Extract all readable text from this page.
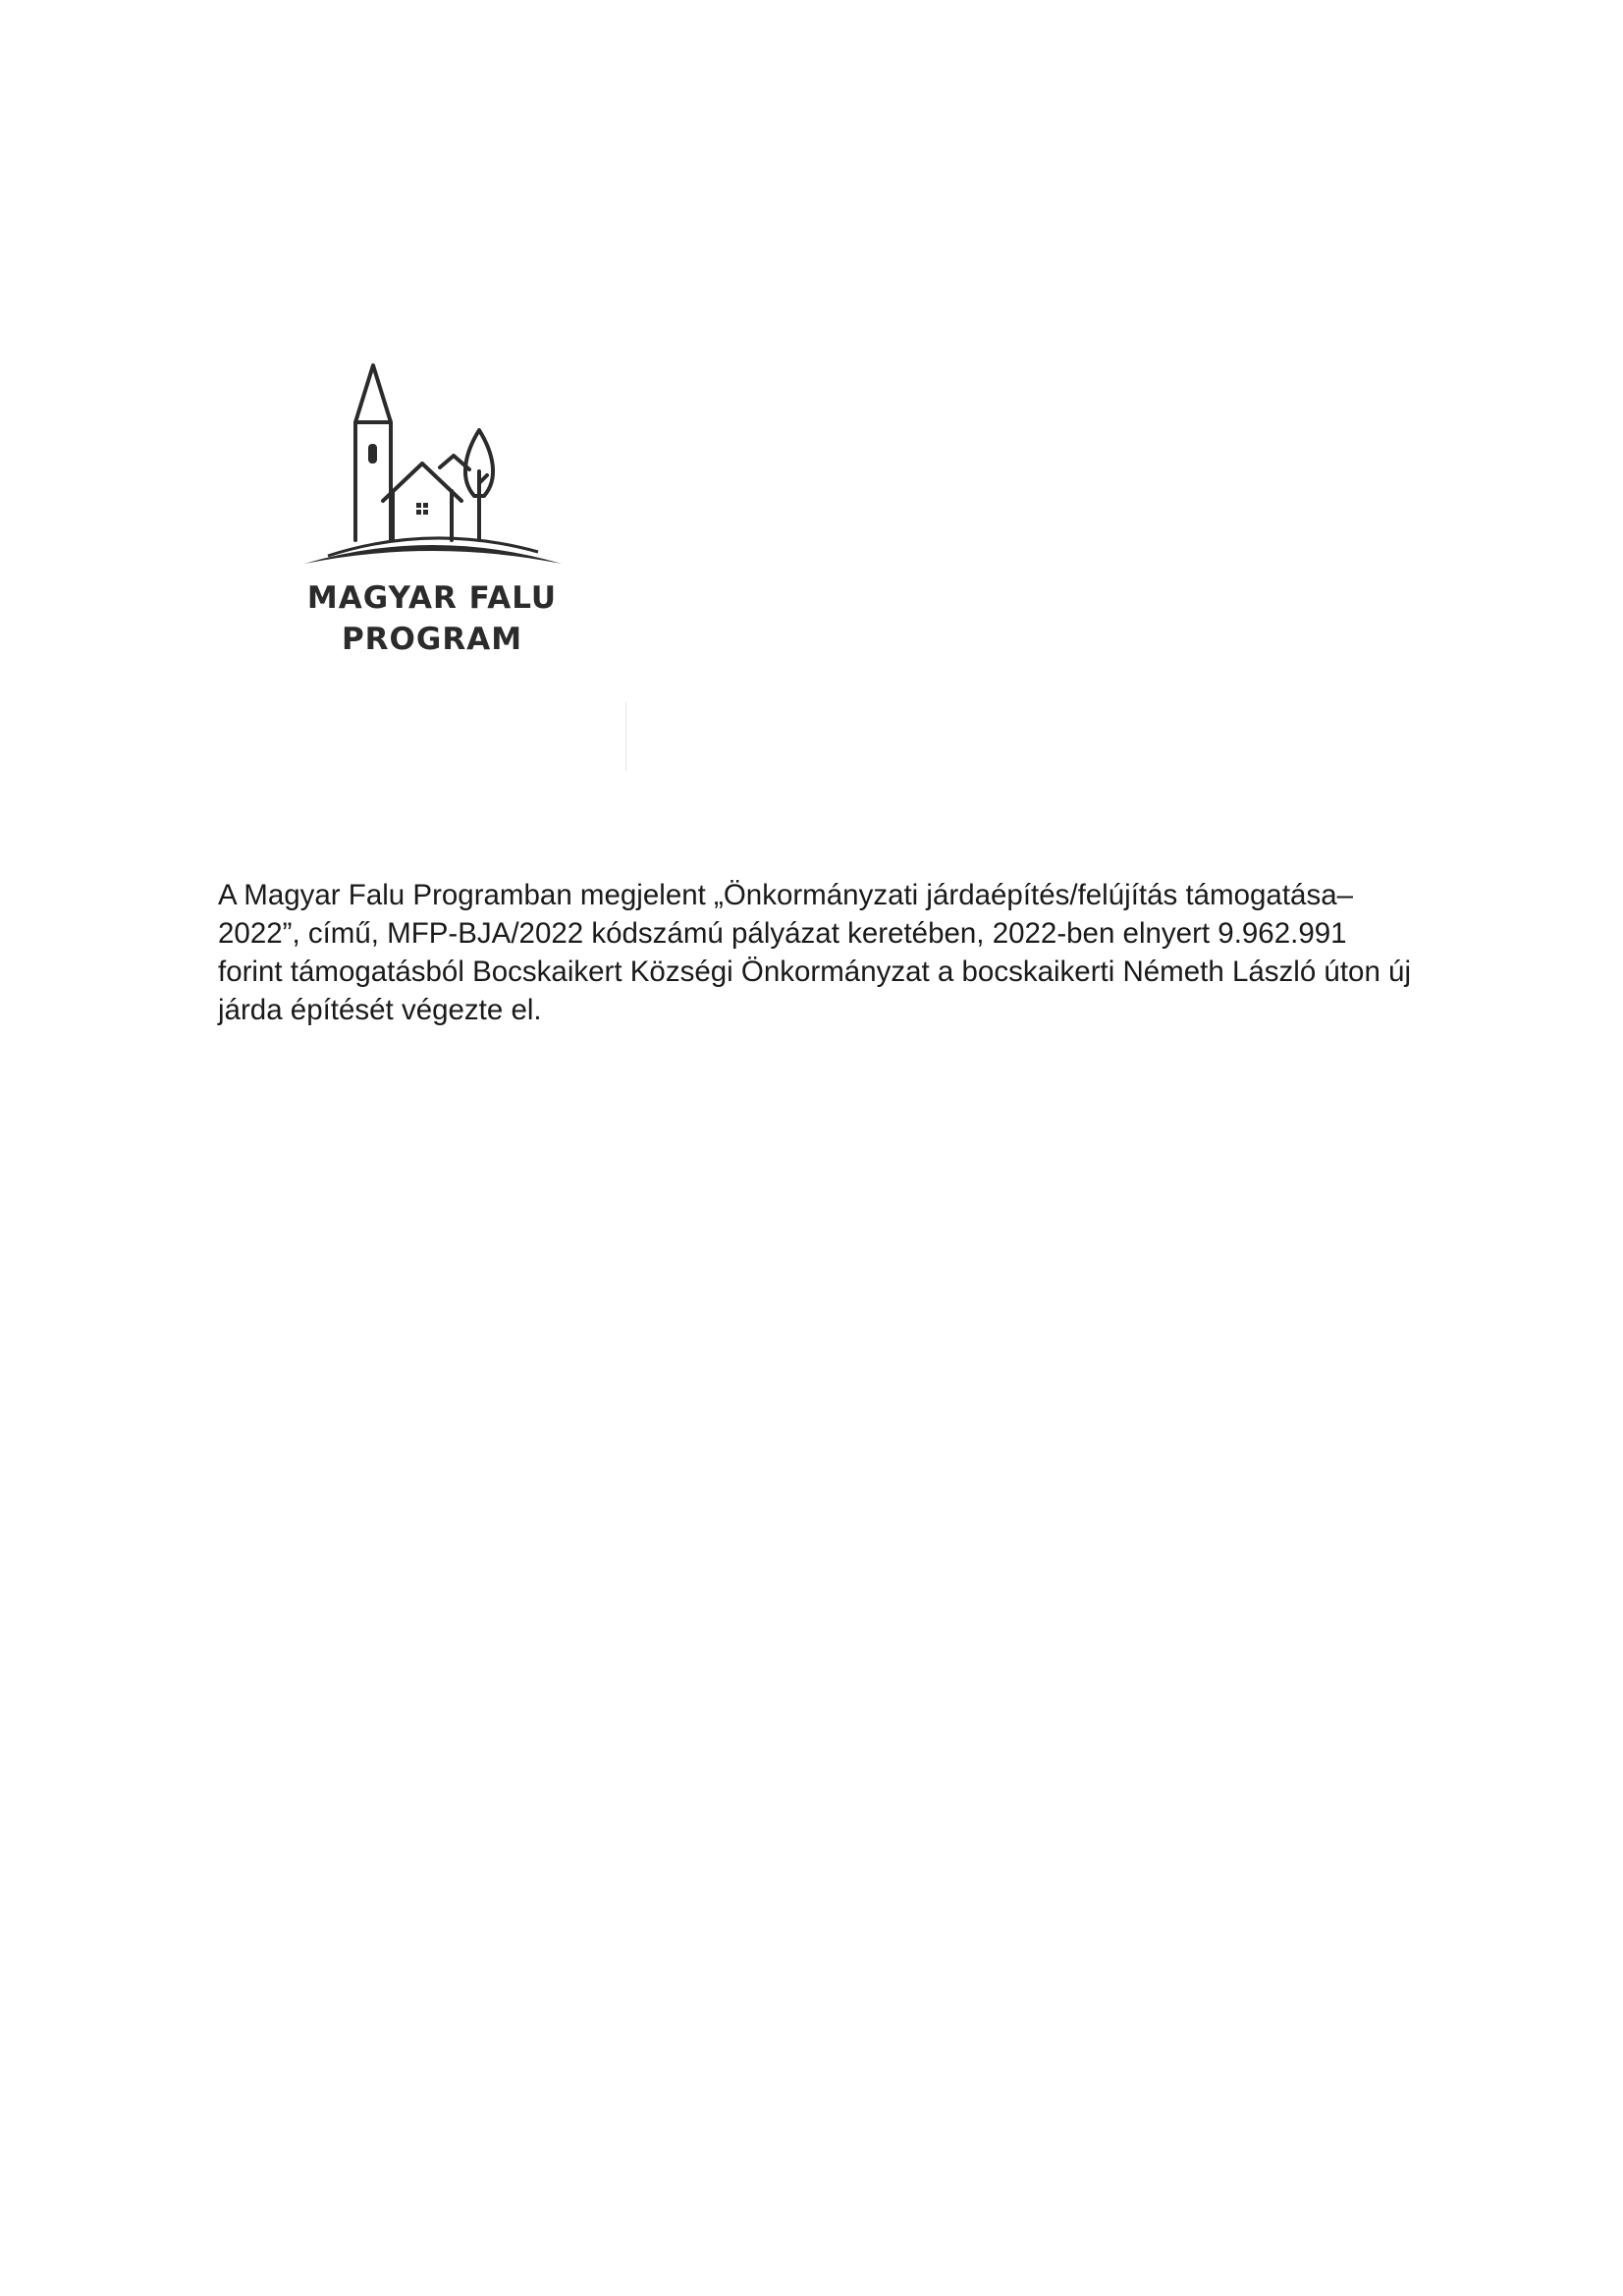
MAGYAR FALU
PROGRAM
A Magyar Falu Programban megjelent „Önkormányzati járdaépítés/felújítás támogatása–
2022”, című, MFP-BJA/2022 kódszámú pályázat keretében, 2022-ben elnyert 9.962.991
forint támogatásból Bocskaikert Községi Önkormányzat a bocskaikerti Németh László úton új
járda építését végezte el.
